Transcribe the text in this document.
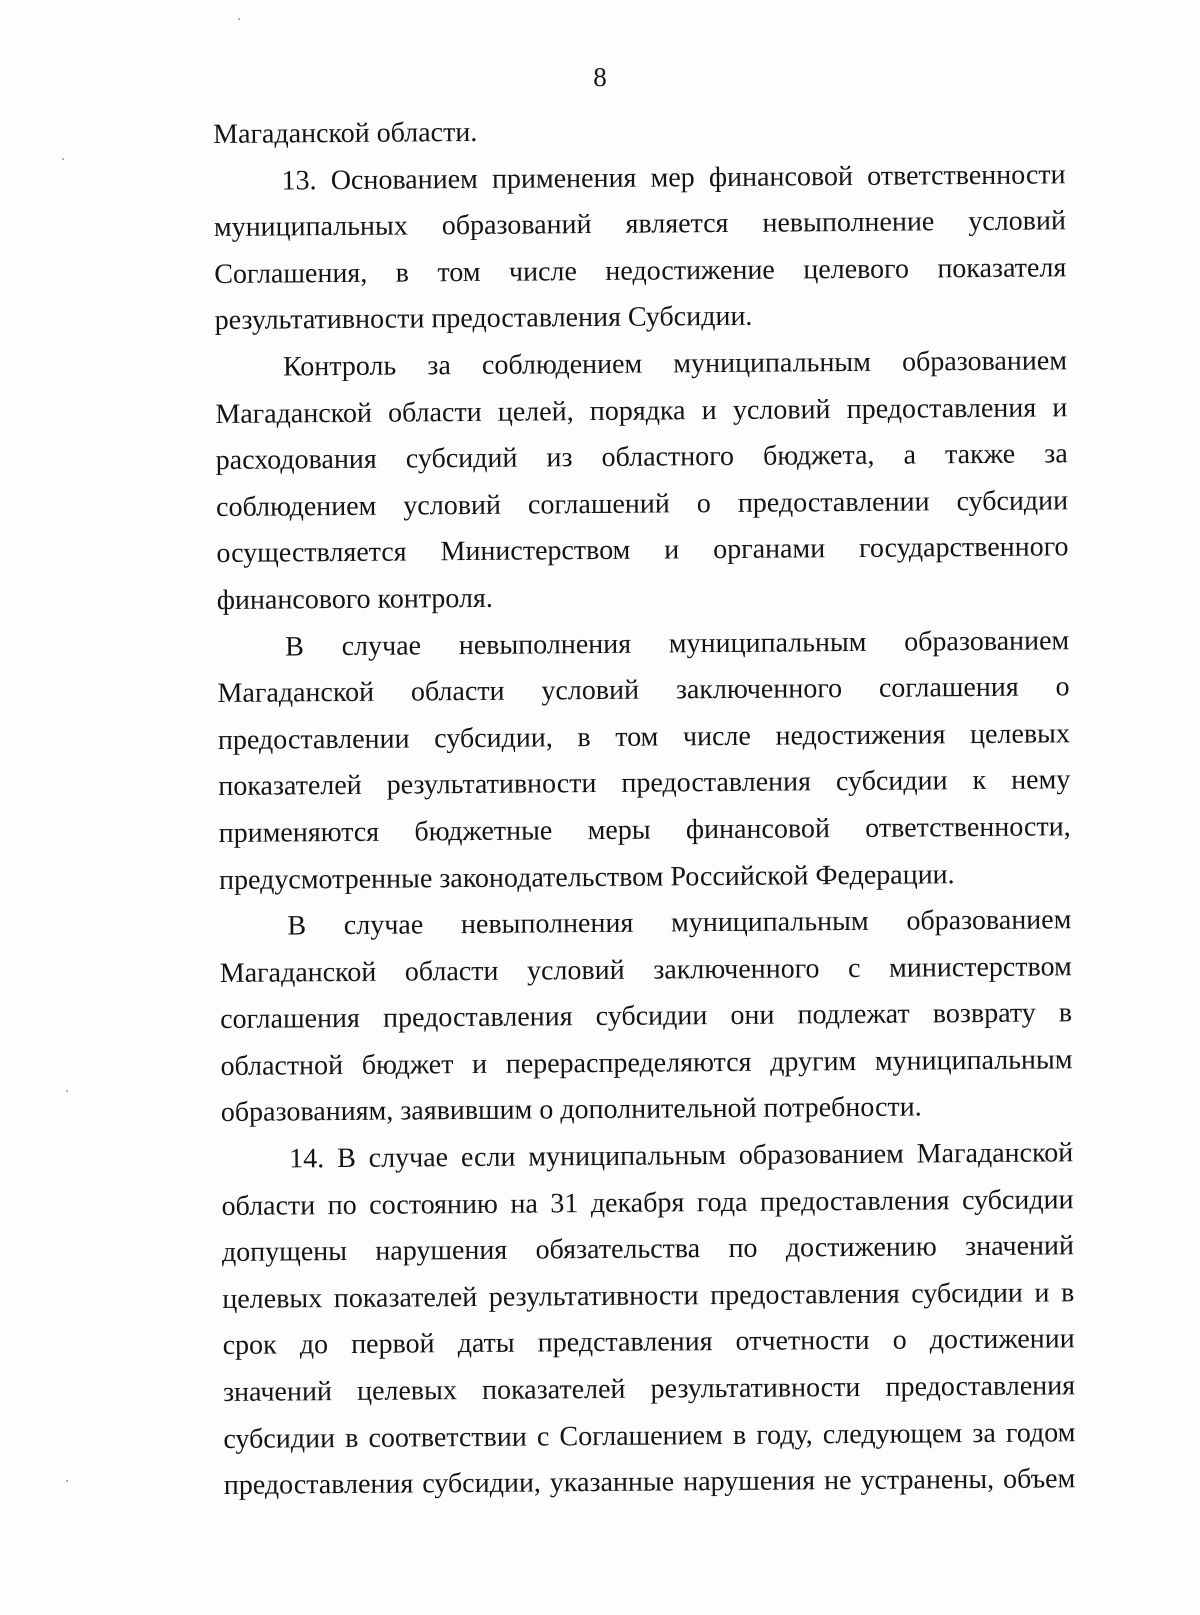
8

Магаданской области.

13. Основанием применения мер финансовой ответственности муниципальных образований является невыполнение условий Соглашения, в том числе недостижение целевого показателя результативности предоставления Субсидии.

Контроль за соблюдением муниципальным образованием Магаданской области целей, порядка и условий предоставления и расходования субсидий из областного бюджета, а также за соблюдением условий соглашений о предоставлении субсидии осуществляется Министерством и органами государственного финансового контроля.

В случае невыполнения муниципальным образованием Магаданской области условий заключенного соглашения о предоставлении субсидии, в том числе недостижения целевых показателей результативности предоставления субсидии к нему применяются бюджетные меры финансовой ответственности, предусмотренные законодательством Российской Федерации.

В случае невыполнения муниципальным образованием Магаданской области условий заключенного с министерством соглашения предоставления субсидии они подлежат возврату в областной бюджет и перераспределяются другим муниципальным образованиям, заявившим о дополнительной потребности.

14. В случае если муниципальным образованием Магаданской области по состоянию на 31 декабря года предоставления субсидии допущены нарушения обязательства по достижению значений целевых показателей результативности предоставления субсидии и в срок до первой даты представления отчетности о достижении значений целевых показателей результативности предоставления субсидии в соответствии с Соглашением в году, следующем за годом предоставления субсидии, указанные нарушения не устранены, объем
